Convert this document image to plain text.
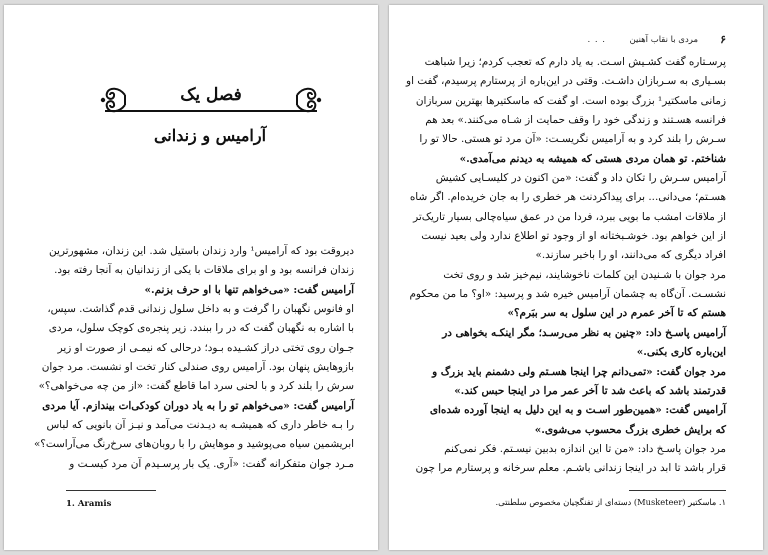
فصل یک
آرامیس و زندانی

دیروقت بود که آرامیس¹ وارد زندان باستیل شد. این زندان، مشهورترین

زندان فرانسه بود و او برای ملاقات با یکی از زندانیان به آنجا رفته بود.

آرامیس گفت: «می‌خواهم تنها با او حرف بزنم.»

او فانوس نگهبان را گرفت و به داخل سلول زندانی قدم گذاشت. سپس،

با اشاره به نگهبان گفت که در را ببندد. زیر پنجره‌ی کوچک سلول، مردی

جـوان روی تختی دراز کشـیده بـود؛ درحالی که نیمـی از صورت او زیر

بازوهایش پنهان بود. آرامیس روی صندلی کنار تخت او نشست. مرد جوان

سرش را بلند کرد و با لحنی سرد اما قاطع گفت: «از من چه می‌خواهی؟»

آرامیس گفت: «می‌خواهم تو را به یاد دوران کودکی‌ات بیندازم. آیا مردی

را بـه خاطر داری که همیشـه به دیـدنت می‌آمد و نیـز آن بانویی که لباس

ابریشمین سیاه می‌پوشید و موهایش را با روبان‌های سرخ‌رنگ می‌آراست؟»

مـرد جوان متفکرانه گفت: «آری. یک بار پرسـیدم آن مرد کیسـت و

1. Aramis
۶
مردی با نقاب آهنین
. . .

پرسـتاره گفت کشـیش اسـت. به یاد دارم که تعجب کردم؛ زیرا شباهت

بسـیاری به سـربازان داشـت. وقتی در این‌باره از پرستارم پرسیدم، گفت او

زمانی ماسکتیر¹ بزرگ بوده است. او گفت که ماسکتیرها بهترین سربازان

فرانسه هسـتند و زندگی خود را وقف حمایت از شـاه می‌کنند.» بعد هم

سـرش را بلند کرد و به آرامیس نگریسـت: «آن مرد تو هستی. حالا تو را

شناختم. تو همان مردی هستی که همیشه به دیدنم می‌آمدی.»

آرامیس سـرش را تکان داد و گفت: «من اکنون در کلیسـایی کشیش

هسـتم؛ می‌دانی... برای پیداکردنت هر خطری را به جان خریده‌ام. اگر شاه

از ملاقات امشب ما بویی ببرد، فردا من در عمق سیاه‌چالی بسیار تاریک‌تر

از این خواهم بود. خوشـبختانه او از وجود تو اطلاع ندارد ولی بعید نیست

افراد دیگری که می‌دانند، او را باخبر سازند.»

مرد جوان با شـنیدن این کلمات ناخوشایند، نیم‌خیز شد و روی تخت

نشسـت. آن‌گاه به چشمان آرامیس خیره شد و پرسید: «او؟ ما من محکوم

هستم که تا آخر عمرم در این سلول به سر ببَرم؟»

آرامیس پاسـخ داد: «چنین به نظر می‌رسـد؛ مگر اینکـه بخواهی در

این‌باره کاری بکنی.»

مرد جوان گفت: «تمی‌دانم چرا اینجا هسـتم ولی دشمنم باید بزرگ و

قدرتمند باشد که باعث شد تا آخر عمر مرا در اینجا حبس کند.»

آرامیس گفت: «همین‌طور اسـت و به این دلیل به اینجا آورده شده‌ای

که برایش خطری بزرگ محسوب می‌شوی.»

مرد جوان پاسـخ داد: «من تا این اندازه بدبین نیسـتم. فکر نمی‌کنم

قرار باشد تا ابد در اینجا زندانی باشـم. معلم سرخانه و پرستارم مرا چون

۱. ماسکتیر (Musketeer) دسته‌ای از تفنگچیان مخصوص سلطنتی.
